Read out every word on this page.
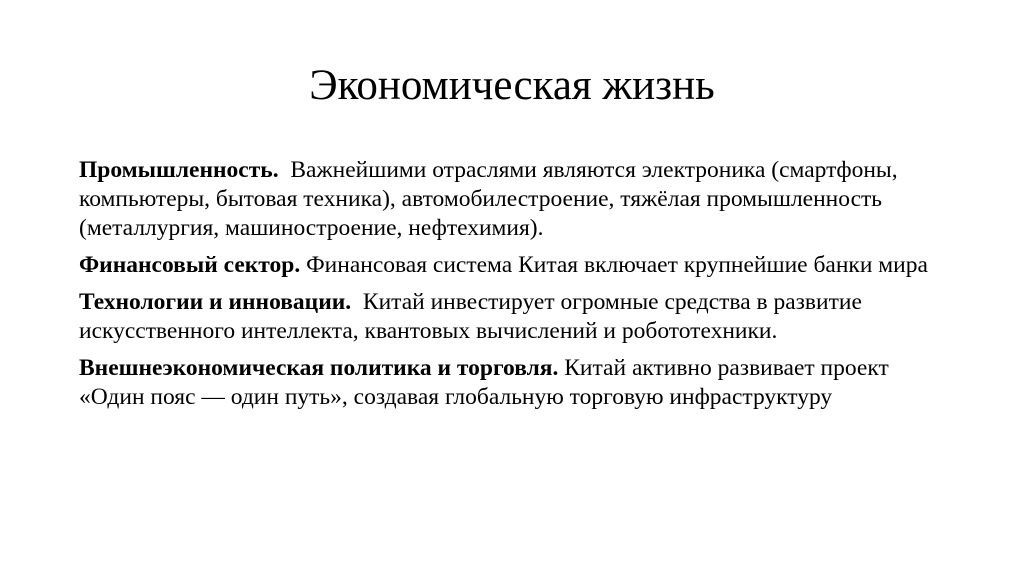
Экономическая жизнь

Промышленность.  Важнейшими отраслями являются электроника (смартфоны, компьютеры, бытовая техника), автомобилестроение, тяжёлая промышленность (металлургия, машиностроение, нефтехимия).

Финансовый сектор. Финансовая система Китая включает крупнейшие банки мира

Технологии и инновации.  Китай инвестирует огромные средства в развитие искусственного интеллекта, квантовых вычислений и робототехники.

Внешнеэкономическая политика и торговля. Китай активно развивает проект «Один пояс — один путь», создавая глобальную торговую инфраструктуру
